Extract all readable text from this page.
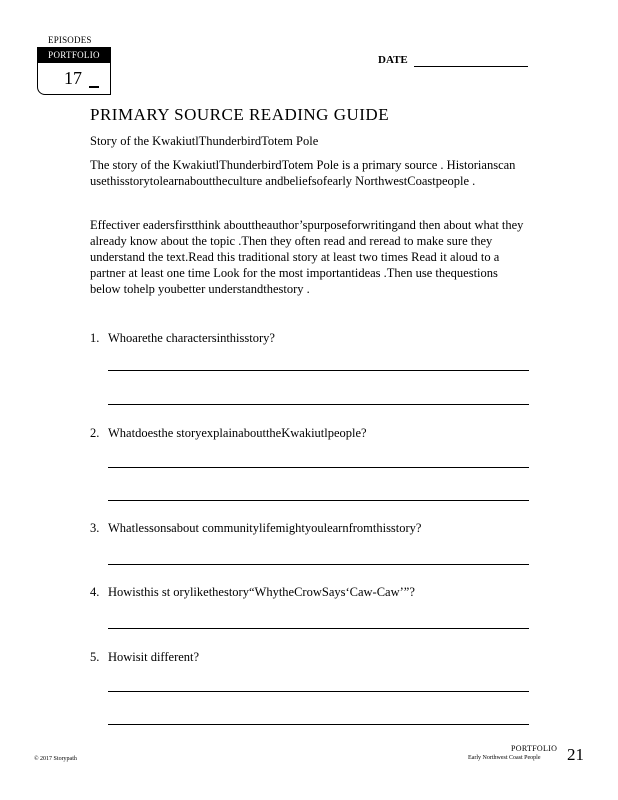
EPISODES
PORTFOLIO
17
DATE
PRIMARY SOURCE READING GUIDE
Story of the KwakiutlThunderbirdTotem Pole
The story of the KwakiutlThunderbirdTotem Pole is a primary source . Historianscan usethisstorytolearnabouttheculture andbeliefsofearly NorthwestCoastpeople .
Effectiver eadersfirstthink abouttheauthor’spurposeforwritingand then about what they already know about the topic .Then they often read and reread to make sure they understand the text.Read this traditional story at least two times Read it aloud to a partner at least one time Look for the most importantideas .Then use thequestions below tohelp youbetter understandthestory .
1. Whoarethe charactersinthisstory?
2. Whatdoesthe storyexplainabouttheKwakiutlpeople?
3. Whatlessonsabout communitylifemightyoulearnfromthisstory?
4. Howisthis st orylikethestory“WhytheCrowSays‘Caw-Caw’”?
5. Howisit different?
© 2017 Storypath
PORTFOLIO
Early Northwest Coast People 21
